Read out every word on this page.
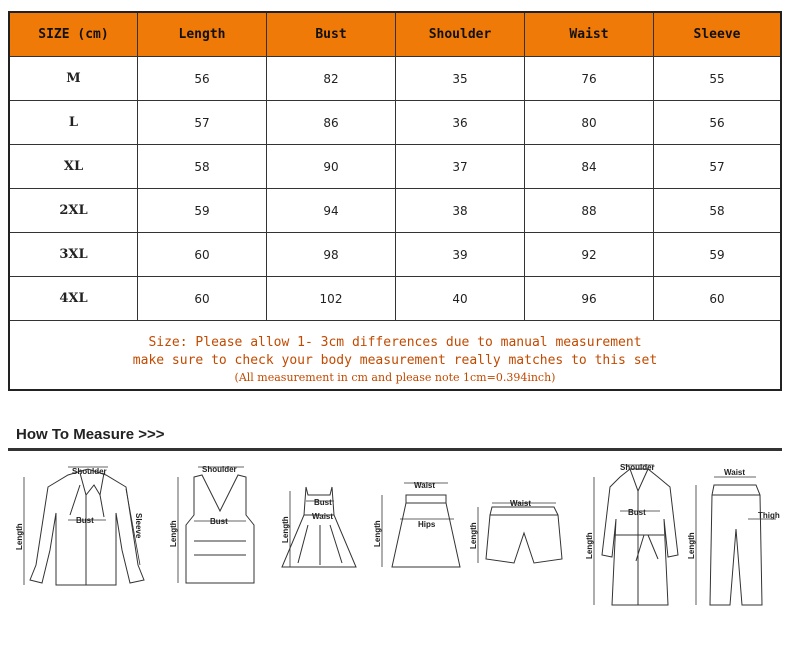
SIZE (cm)	Length	Bust	Shoulder	Waist	Sleeve
M	56	82	35	76	55
L	57	86	36	80	56
XL	58	90	37	84	57
2XL	59	94	38	88	58
3XL	60	98	39	92	59
4XL	60	102	40	96	60
Size: Please allow 1- 3cm differences due to manual measurement
make sure to check your body measurement really matches to this set
(All measurement in cm and please note 1cm=0.394inch)
How To Measure >>>
Shoulder
Bust
Length	Sleeve
Shoulder
Bust
Length
Bust
Waist
Length
Waist
Hips
Length
Waist
Length
Shoulder
Bust
Length
Waist
Thigh
Length
